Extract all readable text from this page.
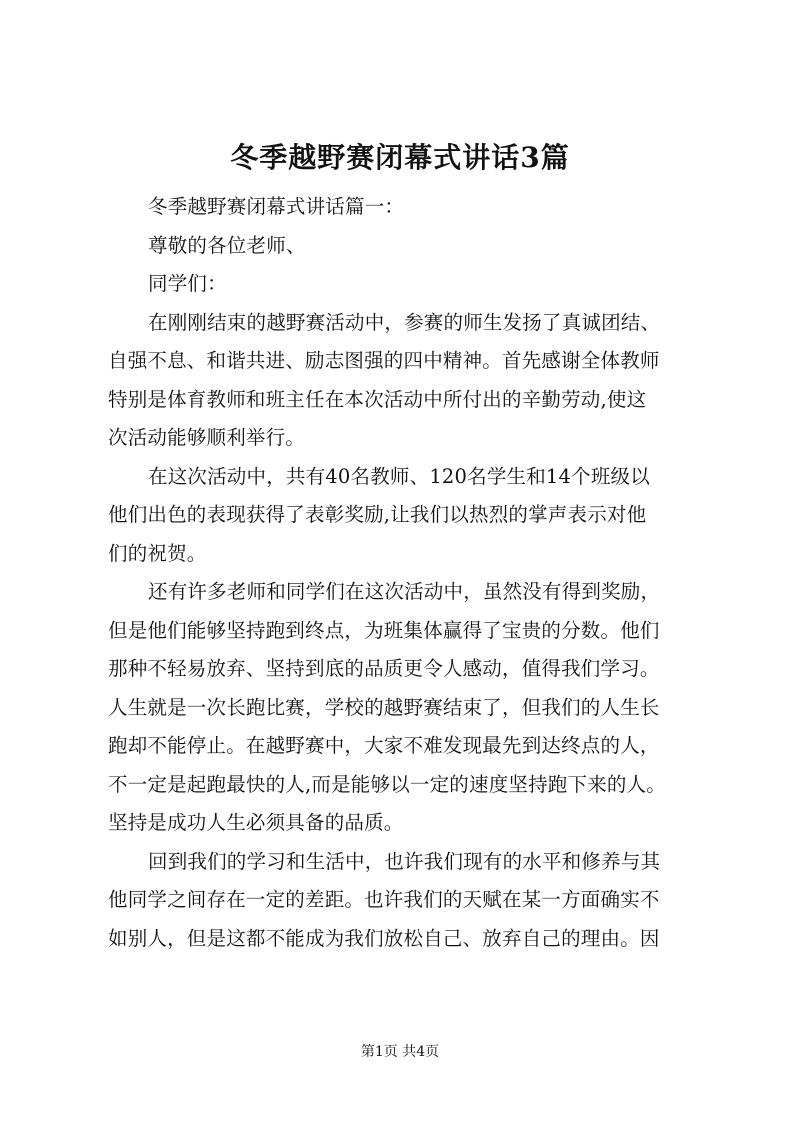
冬季越野赛闭幕式讲话3篇
冬季越野赛闭幕式讲话篇一：
尊敬的各位老师、
同学们：
在刚刚结束的越野赛活动中，参赛的师生发扬了真诚团结、
自强不息、和谐共进、励志图强的四中精神。首先感谢全体教师
特别是体育教师和班主任在本次活动中所付出的辛勤劳动,使这
次活动能够顺利举行。
在这次活动中，共有40名教师、120名学生和14个班级以
他们出色的表现获得了表彰奖励,让我们以热烈的掌声表示对他
们的祝贺。
还有许多老师和同学们在这次活动中，虽然没有得到奖励，
但是他们能够坚持跑到终点，为班集体赢得了宝贵的分数。他们
那种不轻易放弃、坚持到底的品质更令人感动，值得我们学习。
人生就是一次长跑比赛，学校的越野赛结束了，但我们的人生长
跑却不能停止。在越野赛中，大家不难发现最先到达终点的人，
不一定是起跑最快的人,而是能够以一定的速度坚持跑下来的人。
坚持是成功人生必须具备的品质。
回到我们的学习和生活中，也许我们现有的水平和修养与其
他同学之间存在一定的差距。也许我们的天赋在某一方面确实不
如别人，但是这都不能成为我们放松自己、放弃自己的理由。因
第1页 共4页
